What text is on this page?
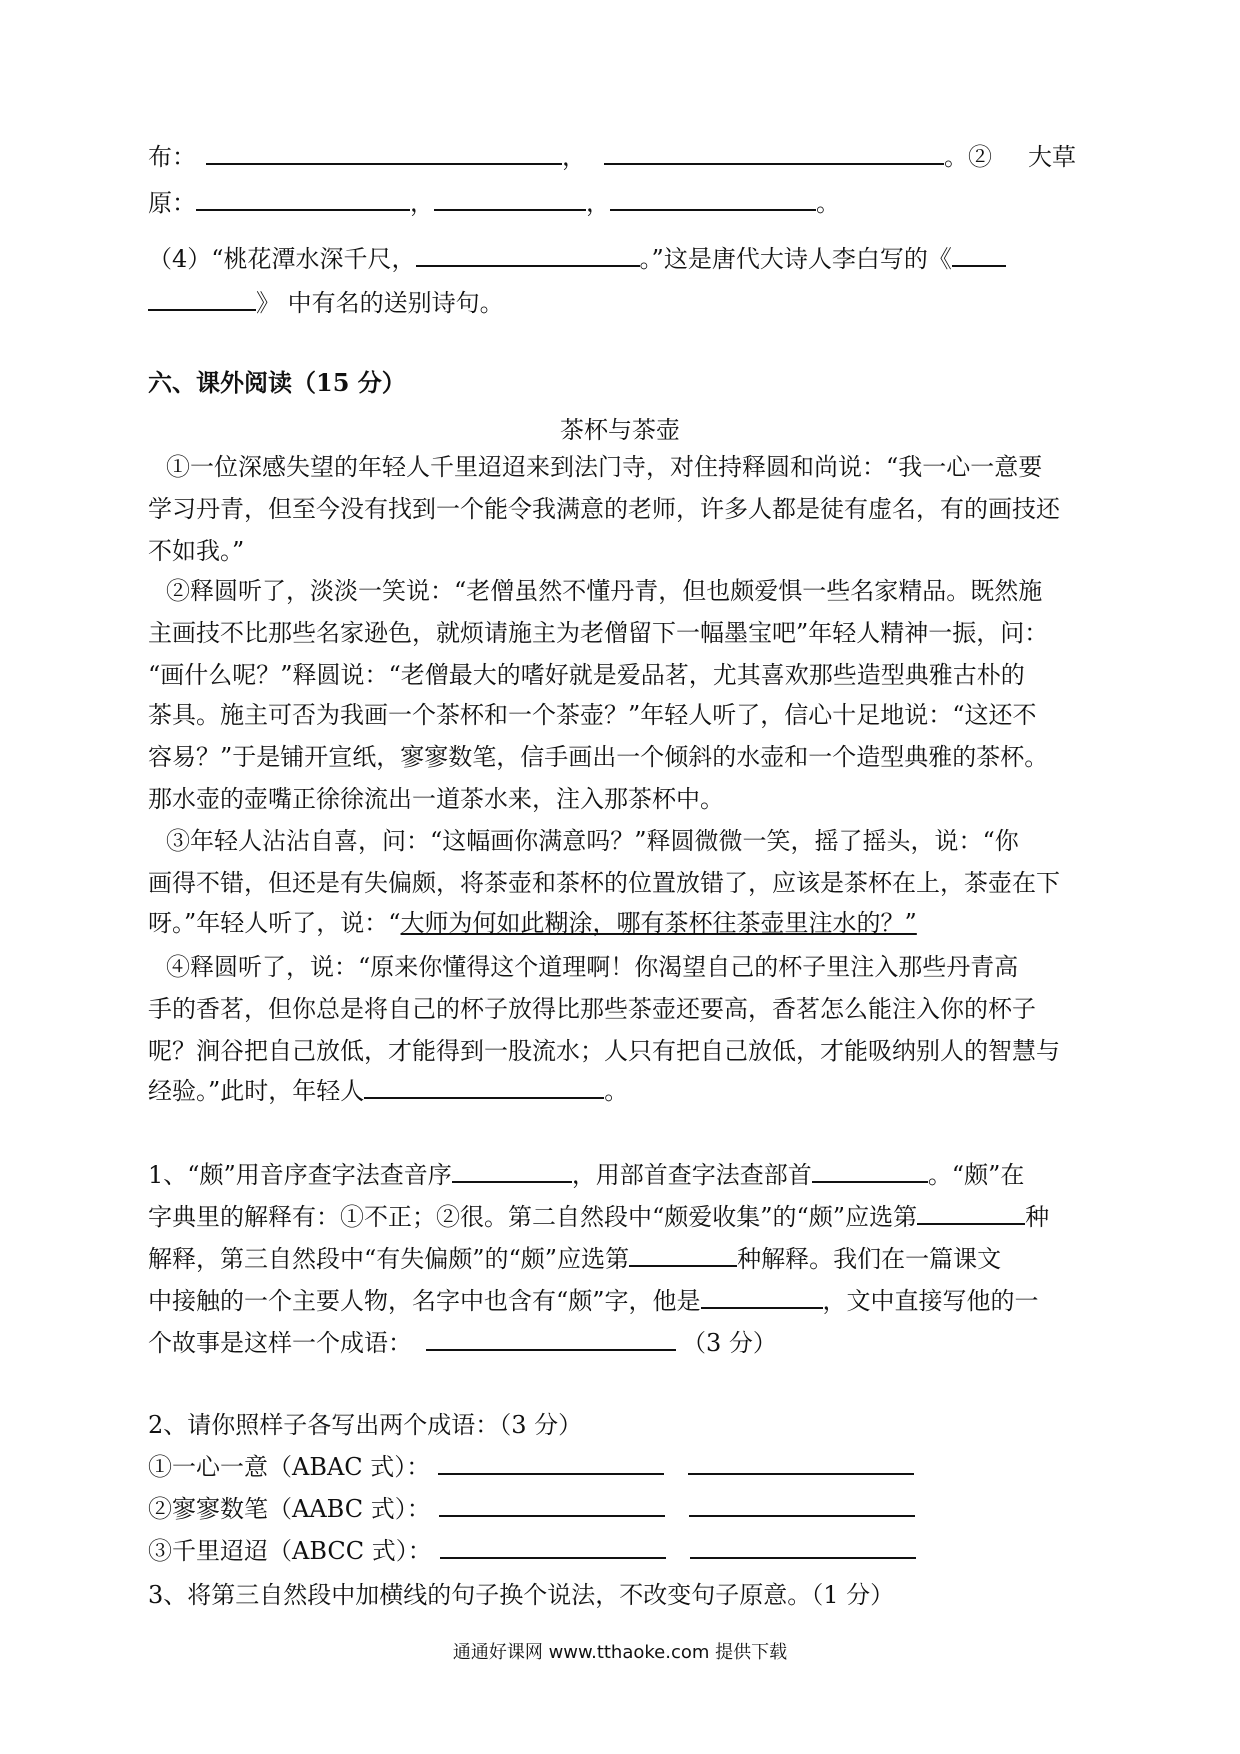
布：	，	。② 大草
原：	，	，	。
（4）“桃花潭水深千尺，	。”这是唐代大诗人李白写的《
》 中有名的送别诗句。
六、课外阅读（15 分）
茶杯与茶壶
①一位深感失望的年轻人千里迢迢来到法门寺，对住持释圆和尚说：“我一心一意要
学习丹青，但至今没有找到一个能令我满意的老师，许多人都是徒有虚名，有的画技还
不如我。”
②释圆听了，淡淡一笑说：“老僧虽然不懂丹青，但也颇爱惧一些名家精品。既然施
主画技不比那些名家逊色，就烦请施主为老僧留下一幅墨宝吧”年轻人精神一振，问：
“画什么呢？”释圆说：“老僧最大的嗜好就是爱品茗，尤其喜欢那些造型典雅古朴的
茶具。施主可否为我画一个茶杯和一个茶壶？”年轻人听了，信心十足地说：“这还不
容易？”于是铺开宣纸，寥寥数笔，信手画出一个倾斜的水壶和一个造型典雅的茶杯。
那水壶的壶嘴正徐徐流出一道茶水来，注入那茶杯中。
③年轻人沾沾自喜，问：“这幅画你满意吗？”释圆微微一笑，摇了摇头，说：“你
画得不错，但还是有失偏颇，将茶壶和茶杯的位置放错了，应该是茶杯在上，茶壶在下
呀。”年轻人听了，说：“大师为何如此糊涂，哪有茶杯往茶壶里注水的？”
④释圆听了，说：“原来你懂得这个道理啊！你渴望自己的杯子里注入那些丹青高
手的香茗，但你总是将自己的杯子放得比那些茶壶还要高，香茗怎么能注入你的杯子
呢？涧谷把自己放低，才能得到一股流水；人只有把自己放低，才能吸纳别人的智慧与
经验。”此时，年轻人	。
1、“颇”用音序查字法查音序	，用部首查字法查部首	。“颇”在
字典里的解释有：①不正；②很。第二自然段中“颇爱收集”的“颇”应选第	种
解释，第三自然段中“有失偏颇”的“颇”应选第	种解释。我们在一篇课文
中接触的一个主要人物，名字中也含有“颇”字，他是	，文中直接写他的一
个故事是这样一个成语：	（3 分）
2、请你照样子各写出两个成语：（3 分）
①一心一意（ABAC 式）：
②寥寥数笔（AABC 式）：
③千里迢迢（ABCC 式）：
3、将第三自然段中加横线的句子换个说法，不改变句子原意。（1 分）
通通好课网 www.tthaoke.com 提供下载
